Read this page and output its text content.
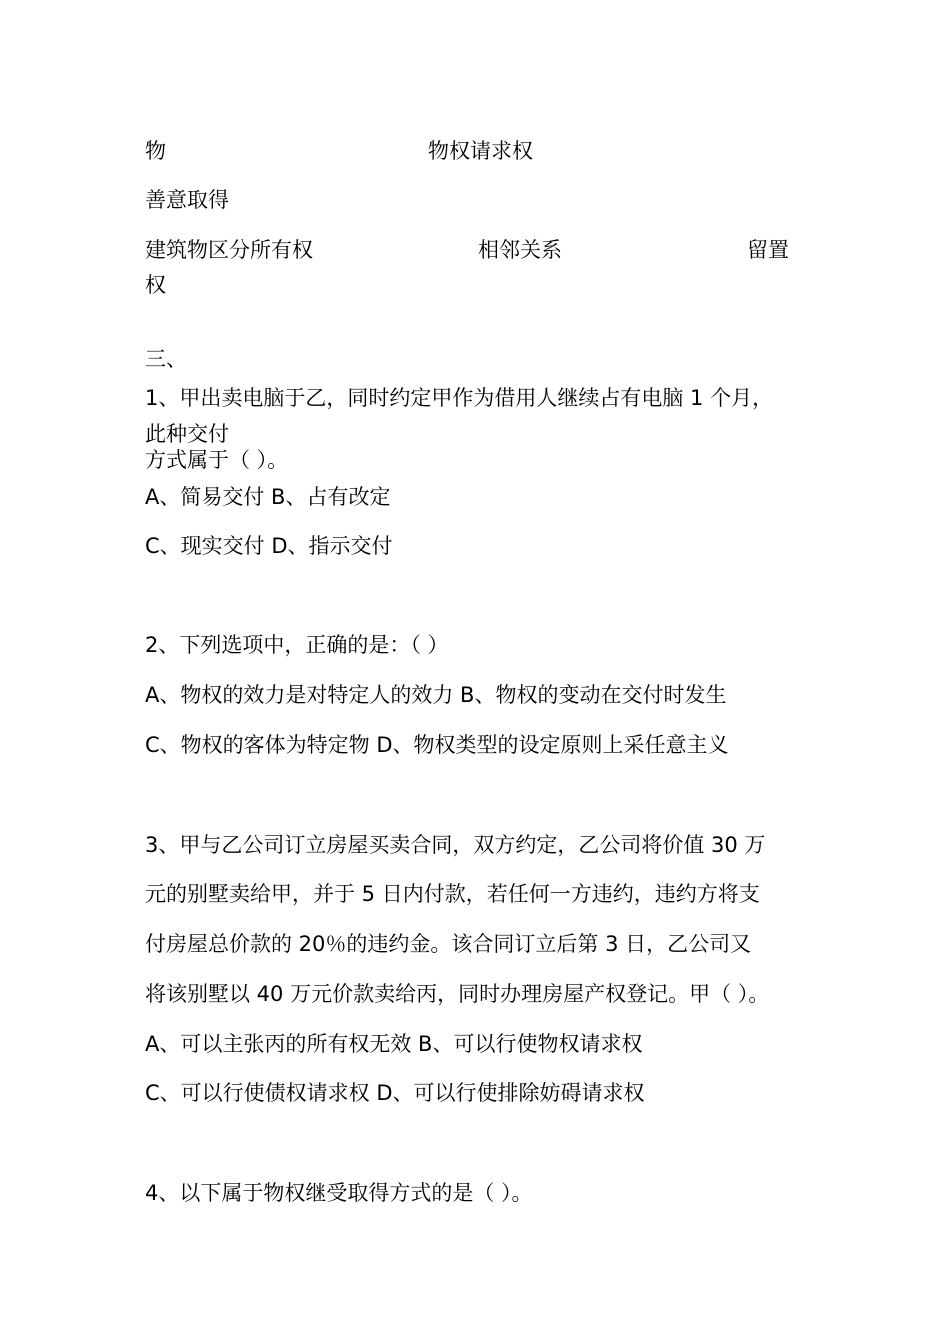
物	物权请求权
善意取得
建筑物区分所有权	相邻关系	留置
权
三、
1、甲出卖电脑于乙，同时约定甲作为借用人继续占有电脑 1 个月，
此种交付
方式属于（ ）。
A、简易交付 B、占有改定
C、现实交付 D、指示交付
2、下列选项中，正确的是：（ ）
A、物权的效力是对特定人的效力 B、物权的变动在交付时发生
C、物权的客体为特定物 D、物权类型的设定原则上采任意主义
3、甲与乙公司订立房屋买卖合同，双方约定，乙公司将价值 30 万
元的别墅卖给甲，并于 5 日内付款，若任何一方违约，违约方将支
付房屋总价款的 20％的违约金。该合同订立后第 3 日，乙公司又
将该别墅以 40 万元价款卖给丙，同时办理房屋产权登记。甲（ ）。
A、可以主张丙的所有权无效 B、可以行使物权请求权
C、可以行使债权请求权 D、可以行使排除妨碍请求权
4、以下属于物权继受取得方式的是（ ）。
